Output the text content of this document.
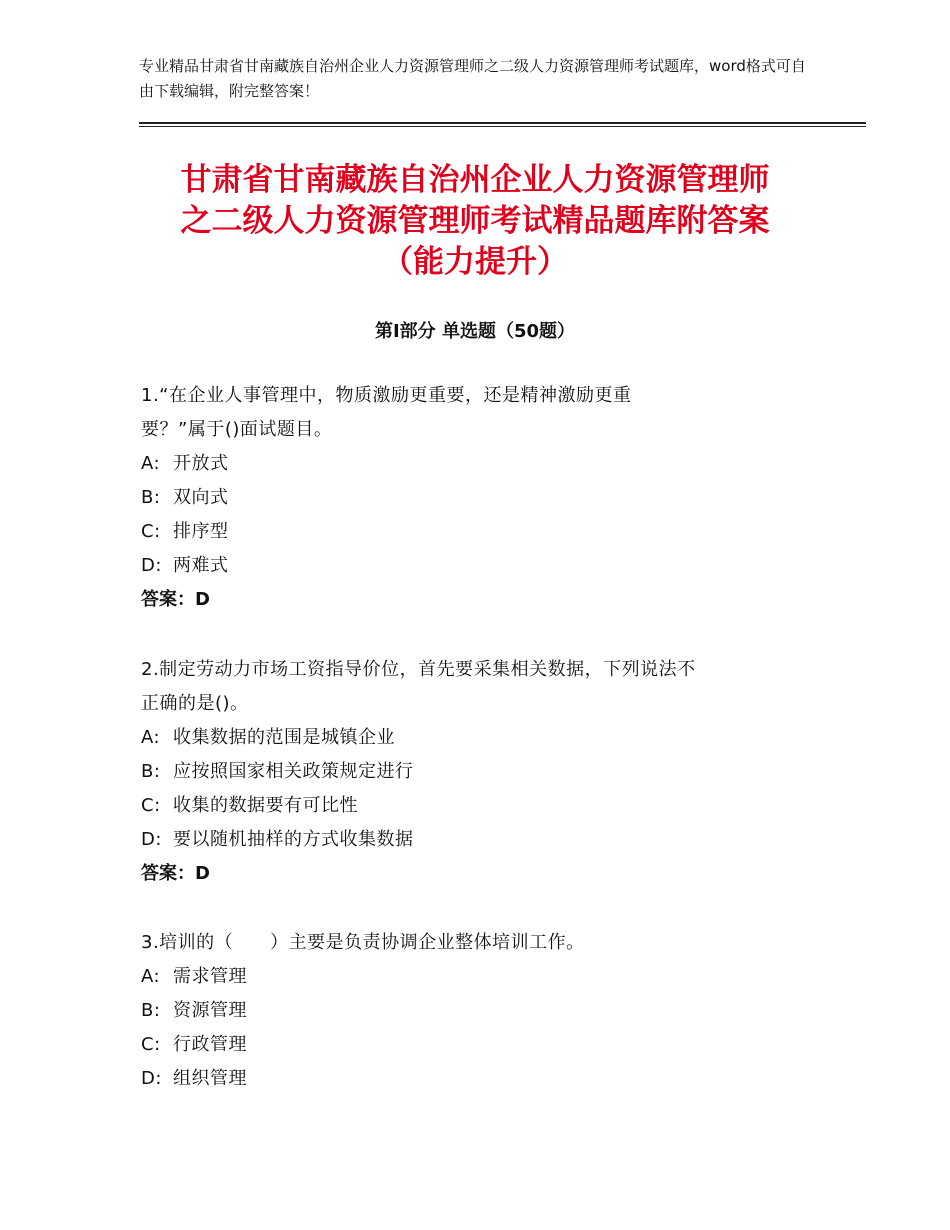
专业精品甘肃省甘南藏族自治州企业人力资源管理师之二级人力资源管理师考试题库，word格式可自由下载编辑，附完整答案！
甘肃省甘南藏族自治州企业人力资源管理师
之二级人力资源管理师考试精品题库附答案
（能力提升）
第Ⅰ部分 单选题（50题）
1.“在企业人事管理中，物质激励更重要，还是精神激励更重
要？”属于()面试题目。
A: 开放式
B: 双向式
C: 排序型
D: 两难式
答案：D
2.制定劳动力市场工资指导价位，首先要采集相关数据，下列说法不
正确的是()。
A: 收集数据的范围是城镇企业
B: 应按照国家相关政策规定进行
C: 收集的数据要有可比性
D: 要以随机抽样的方式收集数据
答案：D
3.培训的（　　）主要是负责协调企业整体培训工作。
A: 需求管理
B: 资源管理
C: 行政管理
D: 组织管理
